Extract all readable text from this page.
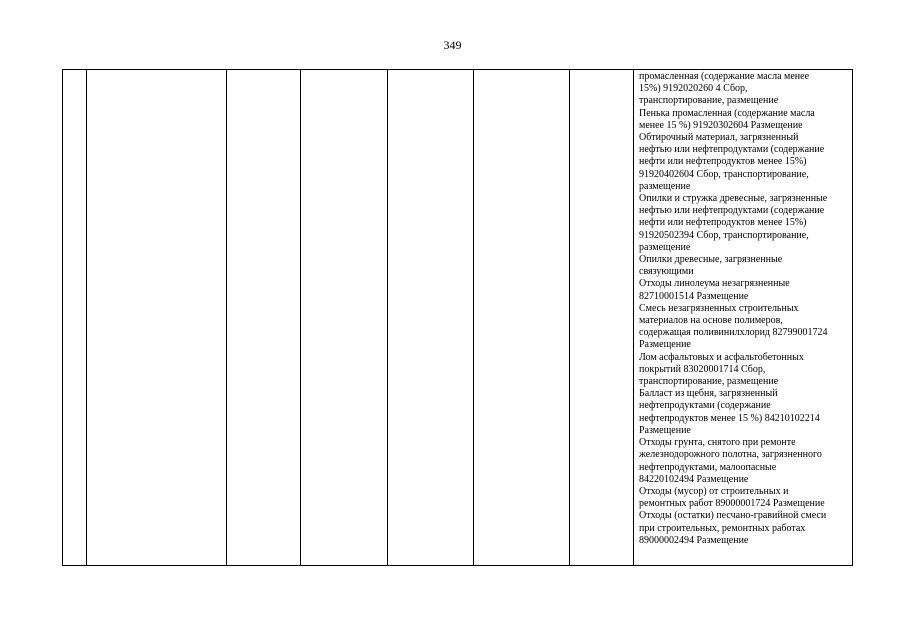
349

промасленная (содержание масла менее
15%) 9192020260 4 Сбор,
транспортирование, размещение
Пенька промасленная (содержание масла
менее 15 %) 91920302604 Размещение
Обтирочный материал, загрязненный
нефтью или нефтепродуктами (содержание
нефти или нефтепродуктов менее 15%)
91920402604 Сбор, транспортирование,
размещение
Опилки и стружка древесные, загрязненные
нефтью или нефтепродуктами (содержание
нефти или нефтепродуктов менее 15%)
91920502394 Сбор, транспортирование,
размещение
Опилки древесные, загрязненные
связующими
Отходы линолеума незагрязненные
82710001514 Размещение
Смесь незагрязненных строительных
материалов на основе полимеров,
содержащая поливинилхлорид 82799001724
Размещение
Лом асфальтовых и асфальтобетонных
покрытий 83020001714 Сбор,
транспортирование, размещение
Балласт из щебня, загрязненный
нефтепродуктами (содержание
нефтепродуктов менее 15 %) 84210102214
Размещение
Отходы грунта, снятого при ремонте
железнодорожного полотна, загрязненного
нефтепродуктами, малоопасные
84220102494 Размещение
Отходы (мусор) от строительных и
ремонтных работ 89000001724 Размещение
Отходы (остатки) песчано-гравийной смеси
при строительных, ремонтных работах
89000002494 Размещение
